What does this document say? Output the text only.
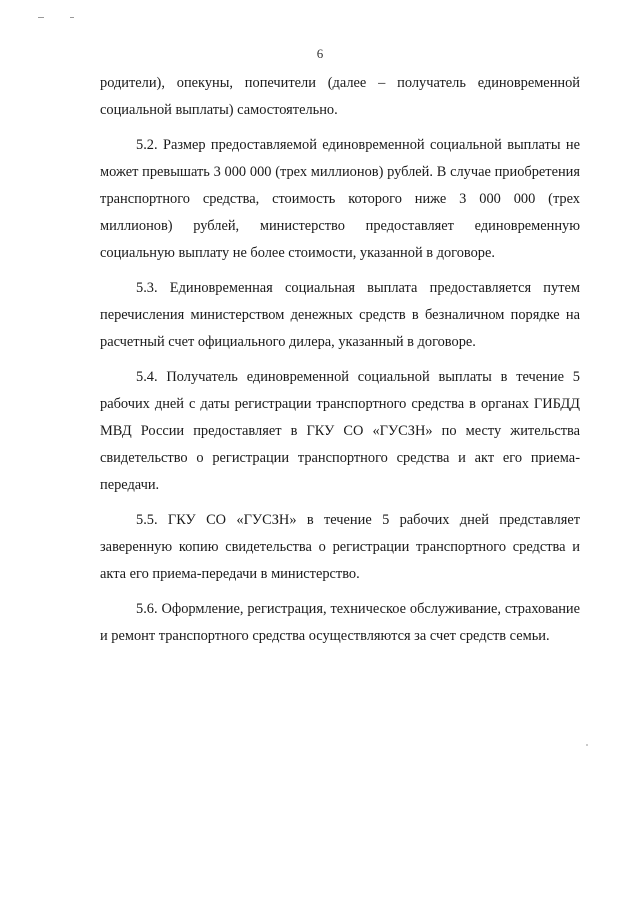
6

родители), опекуны, попечители (далее – получатель единовременной социальной выплаты) самостоятельно.

5.2. Размер предоставляемой единовременной социальной выплаты не может превышать 3 000 000 (трех миллионов) рублей. В случае приобретения транспортного средства, стоимость которого ниже 3 000 000 (трех миллионов) рублей, министерство предоставляет единовременную социальную выплату не более стоимости, указанной в договоре.

5.3. Единовременная социальная выплата предоставляется путем перечисления министерством денежных средств в безналичном порядке на расчетный счет официального дилера, указанный в договоре.

5.4. Получатель единовременной социальной выплаты в течение 5 рабочих дней с даты регистрации транспортного средства в органах ГИБДД МВД России предоставляет в ГКУ СО «ГУСЗН» по месту жительства свидетельство о регистрации транспортного средства и акт его приема-передачи.

5.5. ГКУ СО «ГУСЗН» в течение 5 рабочих дней представляет заверенную копию свидетельства о регистрации транспортного средства и акта его приема-передачи в министерство.

5.6. Оформление, регистрация, техническое обслуживание, страхование и ремонт транспортного средства осуществляются за счет средств семьи.
